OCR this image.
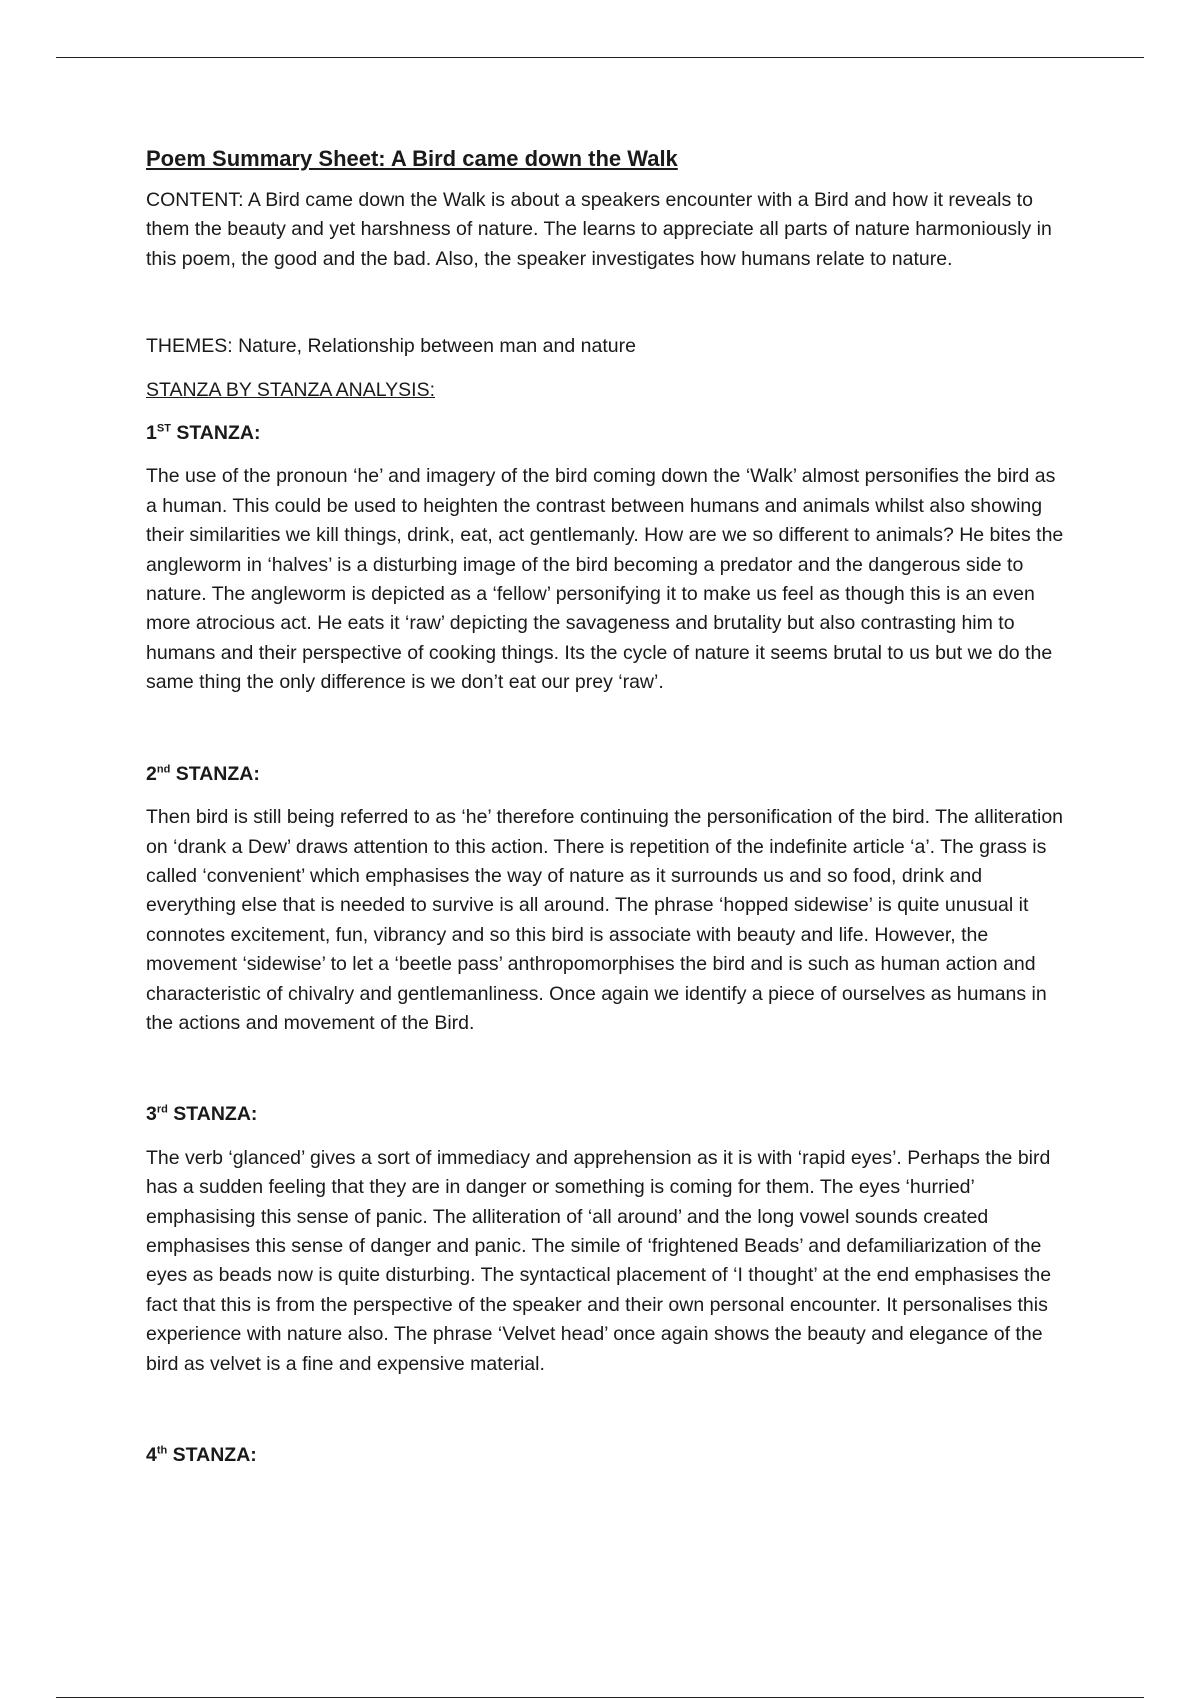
Poem Summary Sheet: A Bird came down the Walk

CONTENT: A Bird came down the Walk is about a speakers encounter with a Bird and how it reveals to them the beauty and yet harshness of nature. The learns to appreciate all parts of nature harmoniously in this poem, the good and the bad. Also, the speaker investigates how humans relate to nature.

THEMES: Nature, Relationship between man and nature

STANZA BY STANZA ANALYSIS:

1ST STANZA:

The use of the pronoun ‘he’ and imagery of the bird coming down the ‘Walk’ almost personifies the bird as a human. This could be used to heighten the contrast between humans and animals whilst also showing their similarities we kill things, drink, eat, act gentlemanly. How are we so different to animals? He bites the angleworm in ‘halves’ is a disturbing image of the bird becoming a predator and the dangerous side to nature. The angleworm is depicted as a ‘fellow’ personifying it to make us feel as though this is an even more atrocious act. He eats it ‘raw’ depicting the savageness and brutality but also contrasting him to humans and their perspective of cooking things. Its the cycle of nature it seems brutal to us but we do the same thing the only difference is we don’t eat our prey ‘raw’.

2nd STANZA:

Then bird is still being referred to as ‘he’ therefore continuing the personification of the bird. The alliteration on ‘drank a Dew’ draws attention to this action. There is repetition of the indefinite article ‘a’. The grass is called ‘convenient’ which emphasises the way of nature as it surrounds us and so food, drink and everything else that is needed to survive is all around. The phrase ‘hopped sidewise’ is quite unusual it connotes excitement, fun, vibrancy and so this bird is associate with beauty and life. However, the movement ‘sidewise’ to let a ‘beetle pass’ anthropomorphises the bird and is such as human action and characteristic of chivalry and gentlemanliness. Once again we identify a piece of ourselves as humans in the actions and movement of the Bird.

3rd STANZA:

The verb ‘glanced’ gives a sort of immediacy and apprehension as it is with ‘rapid eyes’. Perhaps the bird has a sudden feeling that they are in danger or something is coming for them. The eyes ‘hurried’ emphasising this sense of panic. The alliteration of ‘all around’ and the long vowel sounds created emphasises this sense of danger and panic. The simile of ‘frightened Beads’ and defamiliarization of the eyes as beads now is quite disturbing. The syntactical placement of ‘I thought’ at the end emphasises the fact that this is from the perspective of the speaker and their own personal encounter. It personalises this experience with nature also. The phrase ‘Velvet head’ once again shows the beauty and elegance of the bird as velvet is a fine and expensive material.

4th STANZA:
